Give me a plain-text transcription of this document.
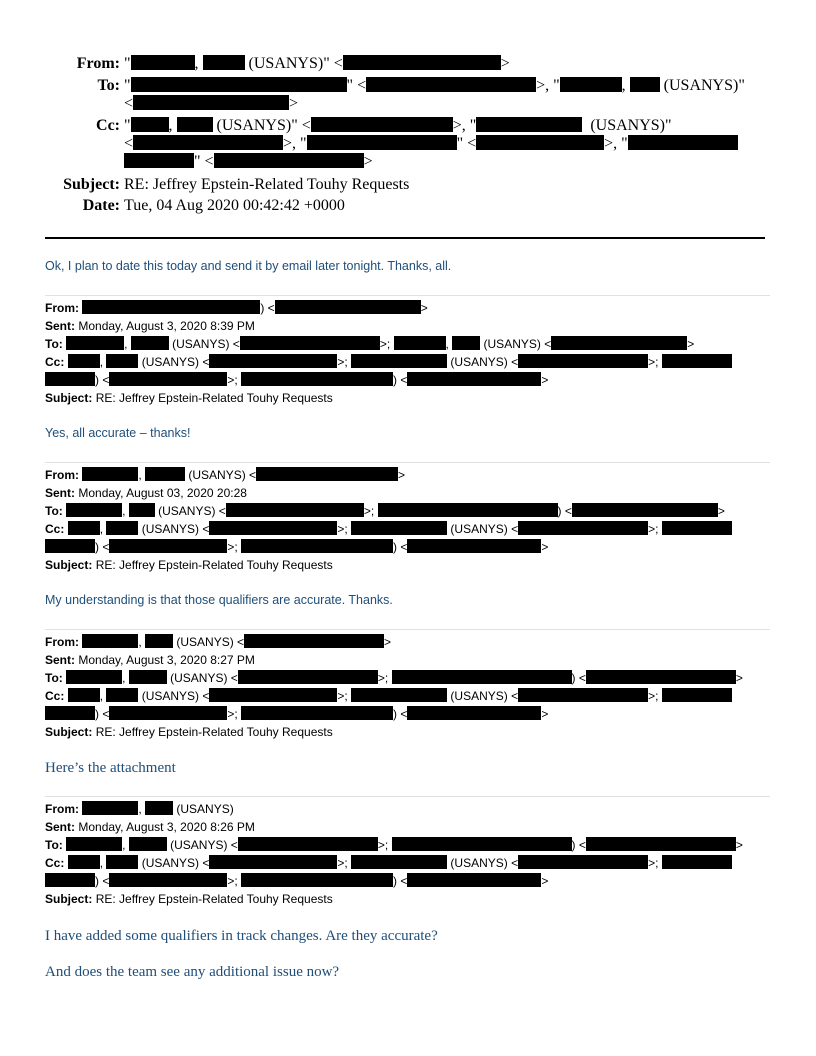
From: "	,	(USANYS)" <	>
To: "	" <	>, "	,  (USANYS)"
<	>
Cc: " ,	(USANYS)" <	>, "	(USANYS)"
<	>, "	" <	>, "
" <	>
Subject: RE: Jeffrey Epstein-Related Touhy Requests
Date: Tue, 04 Aug 2020 00:42:42 +0000
Ok, I plan to date this today and send it by email later tonight. Thanks, all.
From:	) <	>
Sent: Monday, August 3, 2020 8:39 PM
To:	,	(USANYS) <	>;	,	(USANYS) <	>
Cc:	,	(USANYS) <	>;	(USANYS) <	>;
) <	>;	) <	>
Subject: RE: Jeffrey Epstein-Related Touhy Requests
Yes, all accurate – thanks!
From:	,	(USANYS) <	>
Sent: Monday, August 03, 2020 20:28
To:	,  (USANYS) <	>;	) <	>
Cc:	,	(USANYS) <	>;	(USANYS) <	>;
) <	>;	) <	>
Subject: RE: Jeffrey Epstein-Related Touhy Requests
My understanding is that those qualifiers are accurate. Thanks.
From:	,	(USANYS) <	>
Sent: Monday, August 3, 2020 8:27 PM
To:	,	(USANYS) <	>;	) <	>
Cc:	,	(USANYS) <	>;	(USANYS) <	>;
) <	>;	) <	>
Subject: RE: Jeffrey Epstein-Related Touhy Requests
Here’s the attachment
From:	,	(USANYS)
Sent: Monday, August 3, 2020 8:26 PM
To:	,	(USANYS) <	>;	) <	>
Cc:	,	(USANYS) <	>;	(USANYS) <	>;
) <	>;	) <	>
Subject: RE: Jeffrey Epstein-Related Touhy Requests
I have added some qualifiers in track changes. Are they accurate?
And does the team see any additional issue now?
